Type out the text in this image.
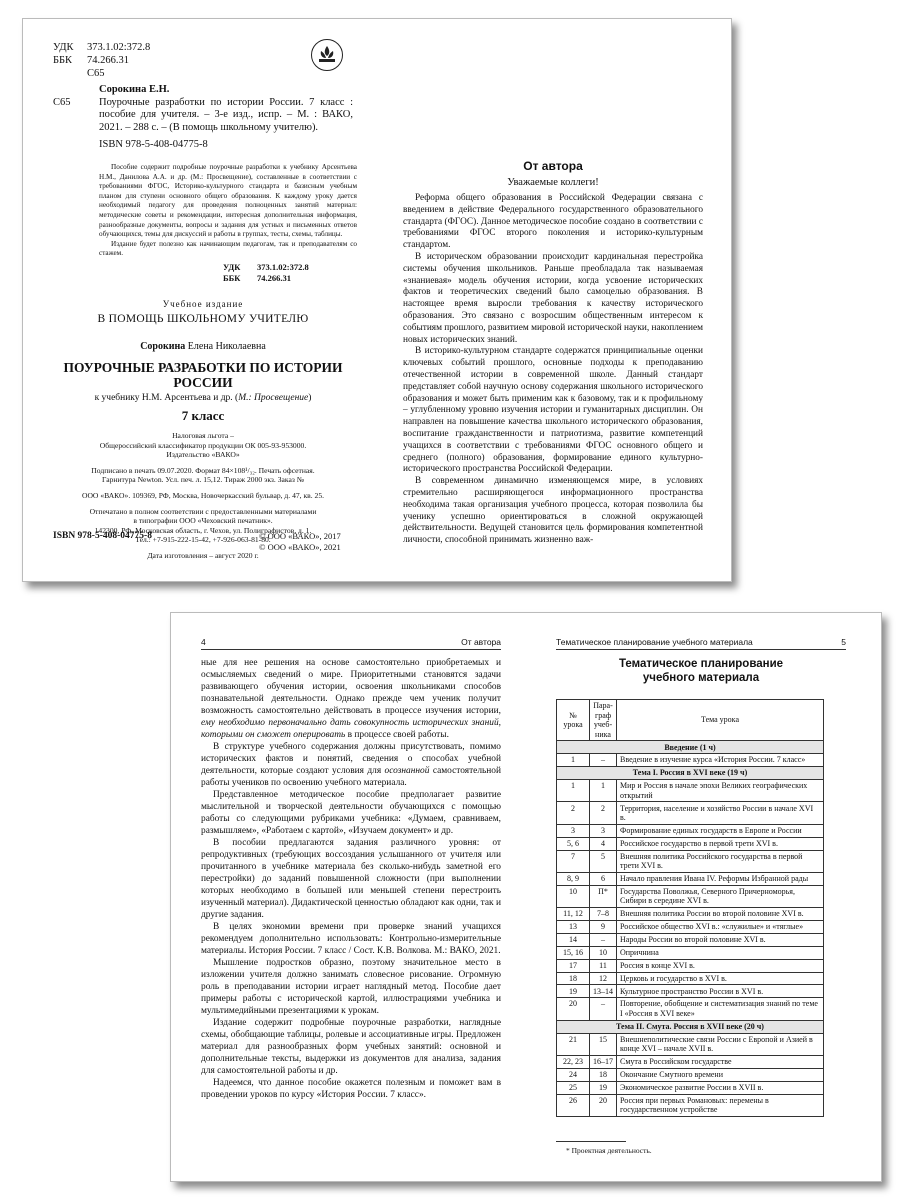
УДК 373.1.02:372.8
ББК 74.266.31
С65
С65
Сорокина Е.Н.
Поурочные разработки по истории России. 7 класс : пособие для учителя. – 3-е изд., испр. – М. : ВАКО, 2021. – 288 с. – (В помощь школьному учителю).
ISBN 978-5-408-04775-8

Пособие содержит подробные поурочные разработки к учебнику Арсентьева Н.М., Данилова А.А. и др. (М.: Просвещение), составленные в соответствии с требованиями ФГОС, Историко-культурного стандарта и базисным учебным планом для ступени основного общего образования. К каждому уроку дается необходимый педагогу для проведения полноценных занятий материал: методические советы и рекомендации, интересная дополнительная информация, разнообразные документы, вопросы и задания для устных и письменных ответов обучающихся, темы для дискуссий и работы в группах, тесты, схемы, таблицы.

Издание будет полезно как начинающим педагогам, так и преподавателям со стажем.

УДК 373.1.02:372.8
ББК 74.266.31
Учебное издание
В ПОМОЩЬ ШКОЛЬНОМУ УЧИТЕЛЮ
Сорокина Елена Николаевна
ПОУРОЧНЫЕ РАЗРАБОТКИ ПО ИСТОРИИ РОССИИ
к учебнику Н.М. Арсентьева и др. (М.: Просвещение)
7 класс
Налоговая льгота –
Общероссийский классификатор продукции ОК 005-93-953000.
Издательство «ВАКО»
Подписано в печать 09.07.2020. Формат 84×108¹/₃₂. Печать офсетная.
Гарнитура Newton. Усл. печ. л. 15,12. Тираж 2000 экз. Заказ №
ООО «ВАКО». 109369, РФ, Москва, Новочеркасский бульвар, д. 47, кв. 25.
Отпечатано в полном соответствии с предоставленными материалами
в типографии ООО «Чеховский печатник».
142300, РФ, Московская область, г. Чехов, ул. Полиграфистов, д. 1.
Тел.: +7-915-222-15-42, +7-926-063-81-80.
Дата изготовления – август 2020 г.
ISBN 978-5-408-04775-8	© ООО «ВАКО», 2017
© ООО «ВАКО», 2021
От автора
Уважаемые коллеги!

Реформа общего образования в Российской Федерации связана с введением в действие Федерального государственного образовательного стандарта (ФГОС). Данное методическое пособие создано в соответствии с требованиями ФГОС второго поколения и историко-культурным стандартом.

В историческом образовании происходит кардинальная перестройка системы обучения школьников. Раньше преобладала так называемая «знаниевая» модель обучения истории, когда усвоение исторических фактов и теоретических сведений было самоцелью образования. В настоящее время выросли требования к качеству исторического образования. Это связано с возросшим общественным интересом к событиям прошлого, развитием мировой исторической науки, накоплением новых исторических знаний.

В историко-культурном стандарте содержатся принципиальные оценки ключевых событий прошлого, основные подходы к преподаванию отечественной истории в современной школе. Данный стандарт представляет собой научную основу содержания школьного исторического образования и может быть применим как к базовому, так и к профильному – углубленному уровню изучения истории и гуманитарных дисциплин. Он направлен на повышение качества школьного исторического образования, воспитание гражданственности и патриотизма, развитие компетенций учащихся в соответствии с требованиями ФГОС основного общего и среднего (полного) образования, формирование единого культурно-исторического пространства Российской Федерации.

В современном динамично изменяющемся мире, в условиях стремительно расширяющегося информационного пространства необходима такая организация учебного процесса, которая позволила бы ученику успешно ориентироваться в сложной окружающей действительности. Ведущей становится цель формирования компетентной личности, способной принимать жизненно важ-

4	От автора

ные для нее решения на основе самостоятельно приобретаемых и осмысляемых сведений о мире. Приоритетными становятся задачи развивающего обучения истории, освоения школьниками способов познавательной деятельности. Однако прежде чем ученик получит возможность самостоятельно действовать в процессе изучения истории, ему необходимо первоначально дать совокупность исторических знаний, которыми он сможет оперировать в процессе своей работы.

В структуре учебного содержания должны присутствовать, помимо исторических фактов и понятий, сведения о способах учебной деятельности, которые создают условия для осознанной самостоятельной работы учеников по освоению учебного материала.

Представленное методическое пособие предполагает развитие мыслительной и творческой деятельности обучающихся с помощью работы со следующими рубриками учебника: «Думаем, сравниваем, размышляем», «Работаем с картой», «Изучаем документ» и др.

В пособии предлагаются задания различного уровня: от репродуктивных (требующих воссоздания услышанного от учителя или прочитанного в учебнике материала без сколько-нибудь заметной его перестройки) до заданий повышенной сложности (при выполнении которых необходимо в большей или меньшей степени перестроить изученный материал). Дидактической ценностью обладают как одни, так и другие задания.

В целях экономии времени при проверке знаний учащихся рекомендуем дополнительно использовать: Контрольно-измерительные материалы. История России. 7 класс / Сост. К.В. Волкова. М.: ВАКО, 2021.

Мышление подростков образно, поэтому значительное место в изложении учителя должно занимать словесное рисование. Огромную роль в преподавании истории играет наглядный метод. Пособие дает примеры работы с исторической картой, иллюстрациями учебника и мультимедийными презентациями к урокам.

Издание содержит подробные поурочные разработки, наглядные схемы, обобщающие таблицы, ролевые и ассоциативные игры. Предложен материал для разнообразных форм учебных занятий: основной и дополнительные тексты, выдержки из документов для анализа, задания для самостоятельной работы и др.

Надеемся, что данное пособие окажется полезным и поможет вам в проведении уроков по курсу «История России. 7 класс».

Тематическое планирование учебного материала	5
Тематическое планирование
учебного материала
№ урока	Пара-граф учеб-ника	Тема урока
Введение (1 ч)		
1	–	Введение в изучение курса «История России. 7 класс»
Тема I. Россия в XVI веке (19 ч)		
1	1	Мир и Россия в начале эпохи Великих географических открытий
2	2	Территория, население и хозяйство России в начале XVI в.
3	3	Формирование единых государств в Европе и России
5, 6	4	Российское государство в первой трети XVI в.
7	5	Внешняя политика Российского государства в первой трети XVI в.
8, 9	6	Начало правления Ивана IV. Реформы Избранной рады
10	П*	Государства Поволжья, Северного Причерноморья, Сибири в середине XVI в.
11, 12	7–8	Внешняя политика России во второй половине XVI в.
13	9	Российское общество XVI в.: «служилые» и «тяглые»
14	–	Народы России во второй половине XVI в.
15, 16	10	Опричнина
17	11	Россия в конце XVI в.
18	12	Церковь и государство в XVI в.
19	13–14	Культурное пространство России в XVI в.
20	–	Повторение, обобщение и систематизация знаний по теме I «Россия в XVI веке»
Тема II. Смута. Россия в XVII веке (20 ч)		
21	15	Внешнеполитические связи России с Европой и Азией в конце XVI – начале XVII в.
22, 23	16–17	Смута в Российском государстве
24	18	Окончание Смутного времени
25	19	Экономическое развитие России в XVII в.
26	20	Россия при первых Романовых: перемены в государственном устройстве
* Проектная деятельность.
